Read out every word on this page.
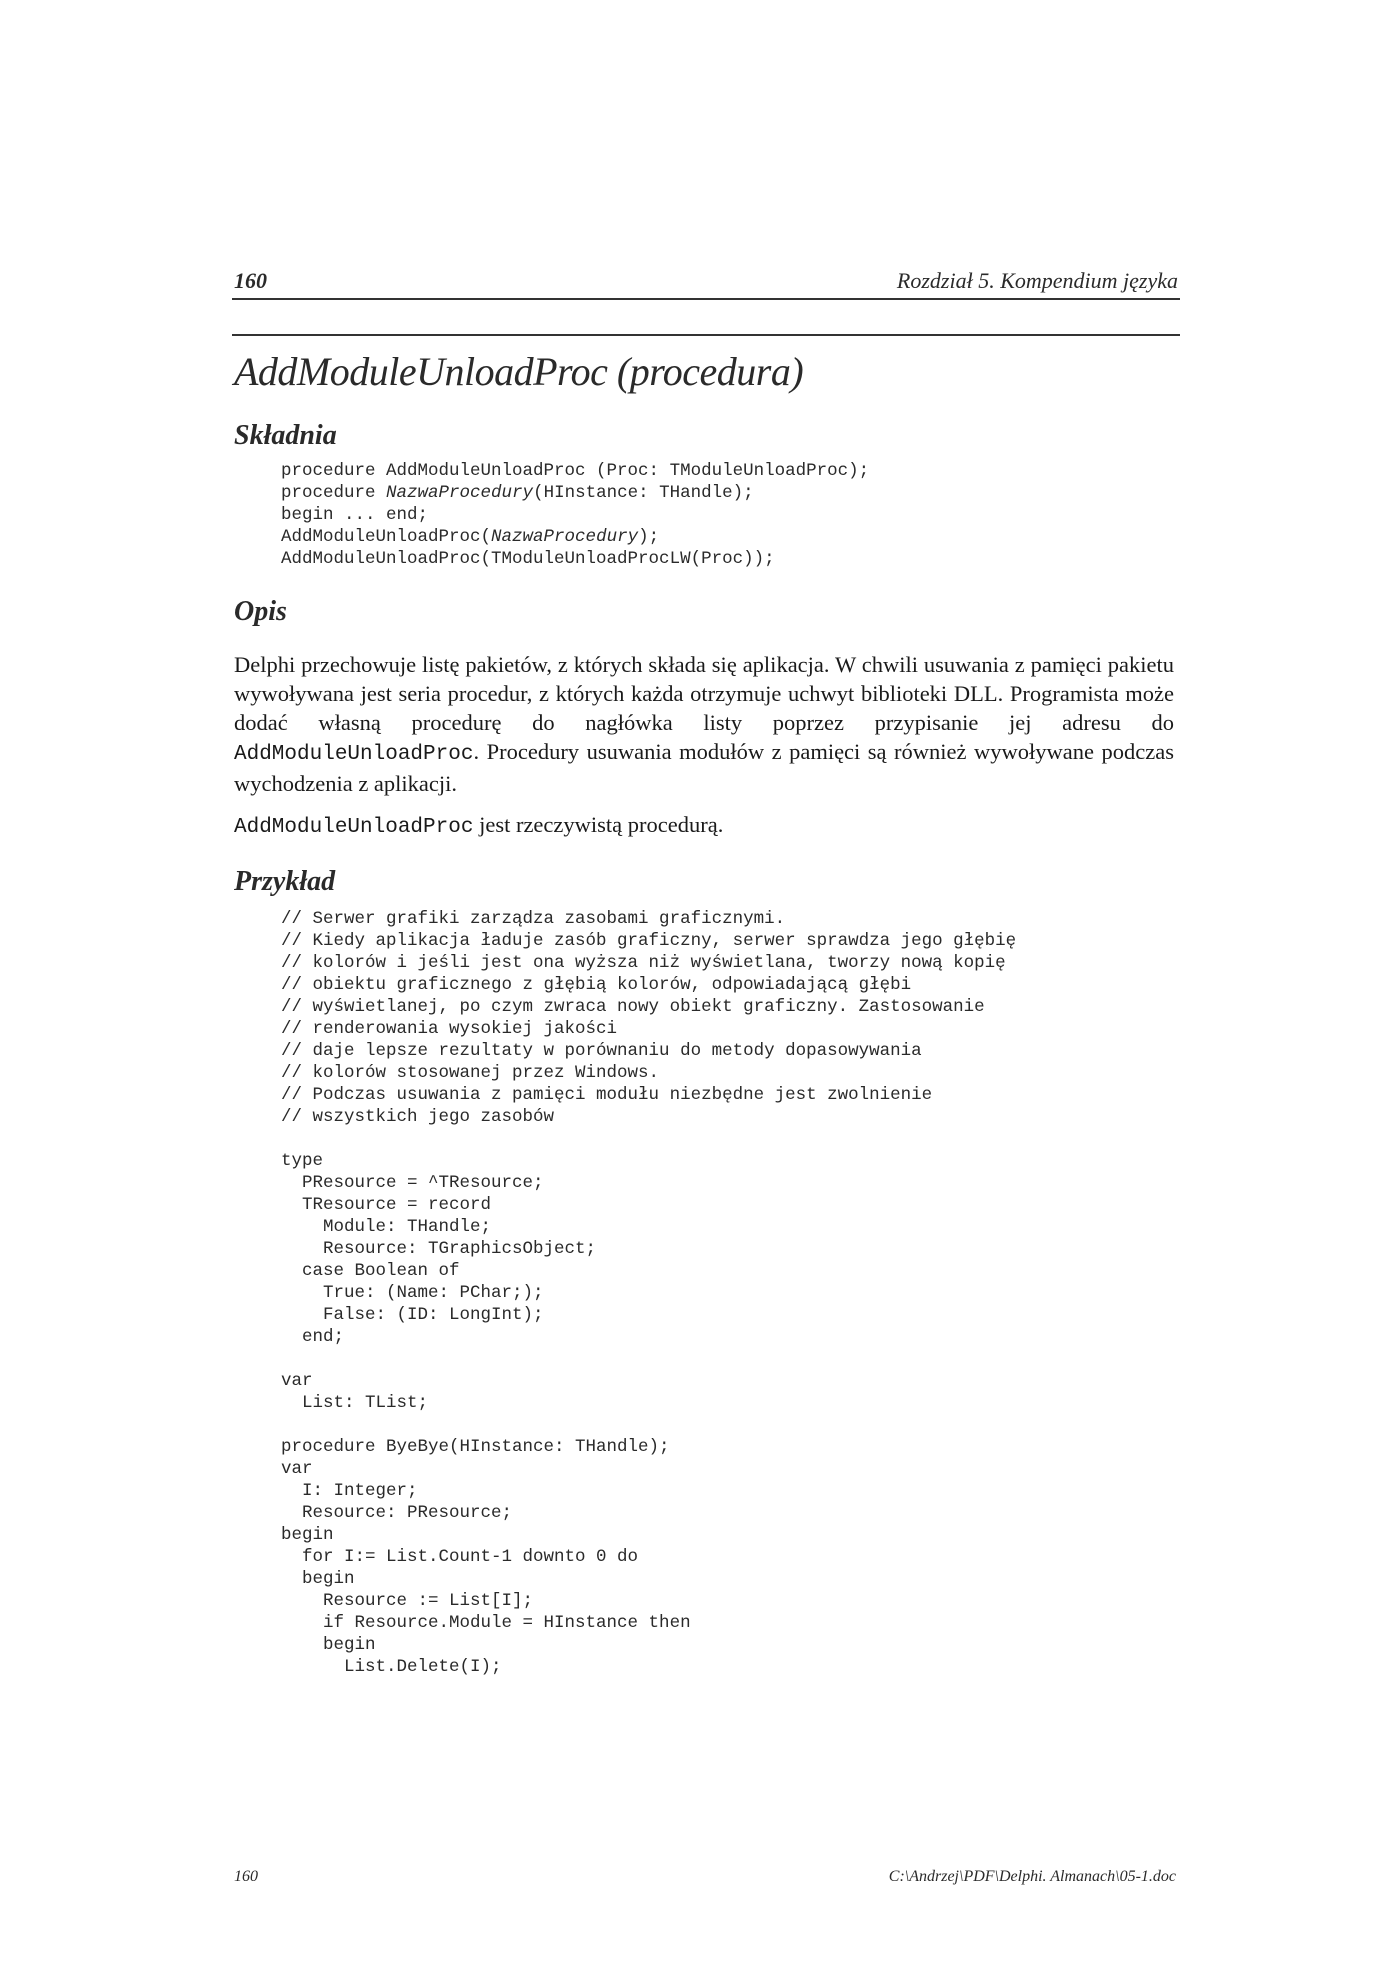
160	Rozdział 5. Kompendium języka
AddModuleUnloadProc (procedura)
Składnia
procedure AddModuleUnloadProc (Proc: TModuleUnloadProc);
procedure NazwaProcedury(HInstance: THandle);
begin ... end;
AddModuleUnloadProc(NazwaProcedury);
AddModuleUnloadProc(TModuleUnloadProcLW(Proc));
Opis
Delphi przechowuje listę pakietów, z których składa się aplikacja. W chwili usuwania z pamięci pakietu wywoływana jest seria procedur, z których każda otrzymuje uchwyt biblioteki DLL. Programista może dodać własną procedurę do nagłówka listy poprzez przypisanie jej adresu do AddModuleUnloadProc. Procedury usuwania modułów z pamięci są również wywoływane podczas wychodzenia z aplikacji.
AddModuleUnloadProc jest rzeczywistą procedurą.
Przykład
// Serwer grafiki zarządza zasobami graficznymi.
// Kiedy aplikacja ładuje zasób graficzny, serwer sprawdza jego głębię
// kolorów i jeśli jest ona wyższa niż wyświetlana, tworzy nową kopię
// obiektu graficznego z głębią kolorów, odpowiadającą głębi
// wyświetlanej, po czym zwraca nowy obiekt graficzny. Zastosowanie
// renderowania wysokiej jakości
// daje lepsze rezultaty w porównaniu do metody dopasowywania
// kolorów stosowanej przez Windows.
// Podczas usuwania z pamięci modułu niezbędne jest zwolnienie
// wszystkich jego zasobów

type
PResource = ^TResource;
TResource = record
Module: THandle;
Resource: TGraphicsObject;
case Boolean of
True: (Name: PChar;);
False: (ID: LongInt);
end;

var
List: TList;

procedure ByeBye(HInstance: THandle);
var
I: Integer;
Resource: PResource;
begin
for I:= List.Count-1 downto 0 do
begin
Resource := List[I];
if Resource.Module = HInstance then
begin
List.Delete(I);
160	C:\Andrzej\PDF\Delphi. Almanach\05-1.doc
